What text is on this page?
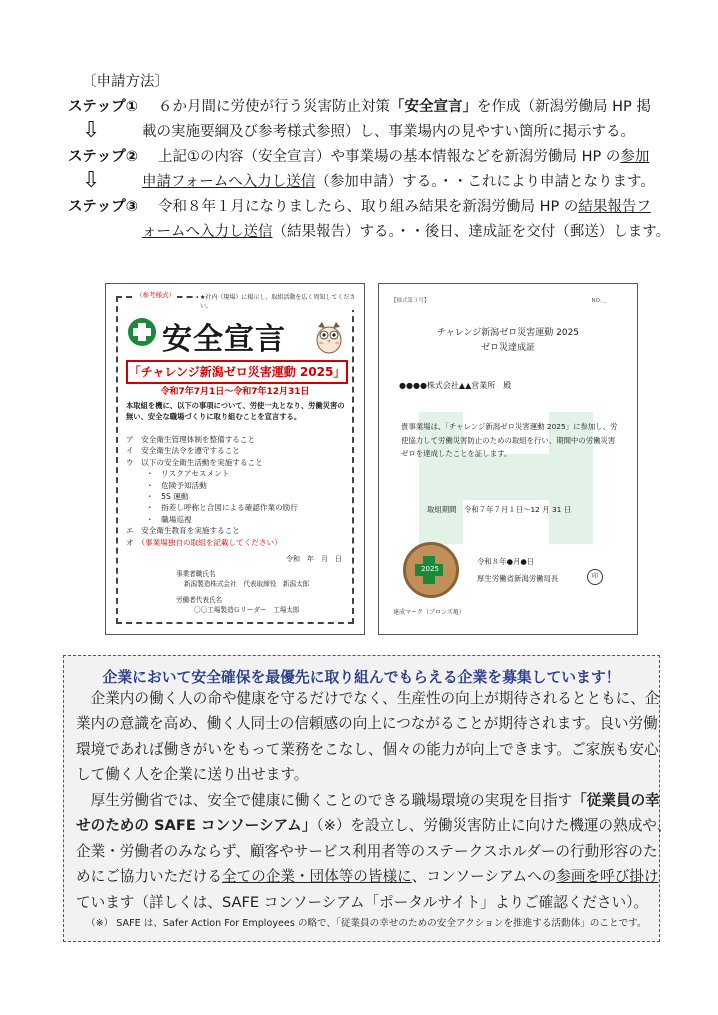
〔申請方法〕
ステップ① ６か月間に労使が行う災害防止対策「安全宣言」を作成（新潟労働局 HP 掲
⇩	載の実施要綱及び参考様式参照）し、事業場内の見やすい箇所に掲示する。
ステップ② 上記①の内容（安全宣言）や事業場の基本情報などを新潟労働局 HP の参加
⇩	申請フォームへ入力し送信（参加申請）する。・・これにより申請となります。
ステップ③ 令和８年１月になりましたら、取り組み結果を新潟労働局 HP の結果報告フ
ォームへ入力し送信（結果報告）する。・・後日、達成証を交付（郵送）します。
（参考様式）	★社内（現場）に掲示し、取組活動を広く周知してください。
安全宣言
「チャレンジ新潟ゼロ災害運動 2025」
令和7年7月1日～令和7年12月31日
本取組を機に、以下の事項について、労使一丸となり、労働災害の無い、安全な職場づくりに取り組むことを宣言する。
ア　安全衛生管理体制を整備すること
イ　安全衛生法令を遵守すること
ウ　以下の安全衛生活動を実施すること
・　リスクアセスメント
・　危険予知活動
・　5S 運動
・　指差し呼称と合図による確認作業の励行
・　職場巡視
エ　安全衛生教育を実施すること
オ　 （事業場独自の取組を記載してください）
令和　年　月　日
事業者職氏名
新潟製造株式会社　代表取締役　新潟太郎
労働者代表氏名
〇〇工場製造Ｇリーダー　工場太郎
【様式第３号】	NO.＿
チャレンジ新潟ゼロ災害運動 2025
ゼロ災達成証
●●●●株式会社▲▲営業所　殿
貴事業場は、「チャレンジ新潟ゼロ災害運動 2025」に参加し、労使協力して労働災害防止のための取組を行い、期間中の労働災害ゼロを達成したことを証します。
取組期間　令和７年７月１日～12 月 31 日
2025
令和８年●月●日
厚生労働省新潟労働局長	印
達成マーク（ブロンズ亀）
企業において安全確保を最優先に取り組んでもらえる企業を募集しています！
　企業内の働く人の命や健康を守るだけでなく、生産性の向上が期待されるとともに、企
業内の意識を高め、働く人同士の信頼感の向上につながることが期待されます。良い労働
環境であれば働きがいをもって業務をこなし、個々の能力が向上できます。ご家族も安心
して働く人を企業に送り出せます。
　厚生労働省では、安全で健康に働くことのできる職場環境の実現を目指す「従業員の幸
せのための SAFE コンソーシアム」（※）を設立し、労働災害防止に向けた機運の熟成や、
企業・労働者のみならず、顧客やサービス利用者等のステークスホルダーの行動形容のた
めにご協力いただける全ての企業・団体等の皆様に、コンソーシアムへの参画を呼び掛け
ています（詳しくは、SAFE コンソーシアム「ポータルサイト」よりご確認ください）。
（※） SAFE は、Safer Action For Employees の略で、「従業員の幸せのための安全アクションを推進する活動体」のことです。
